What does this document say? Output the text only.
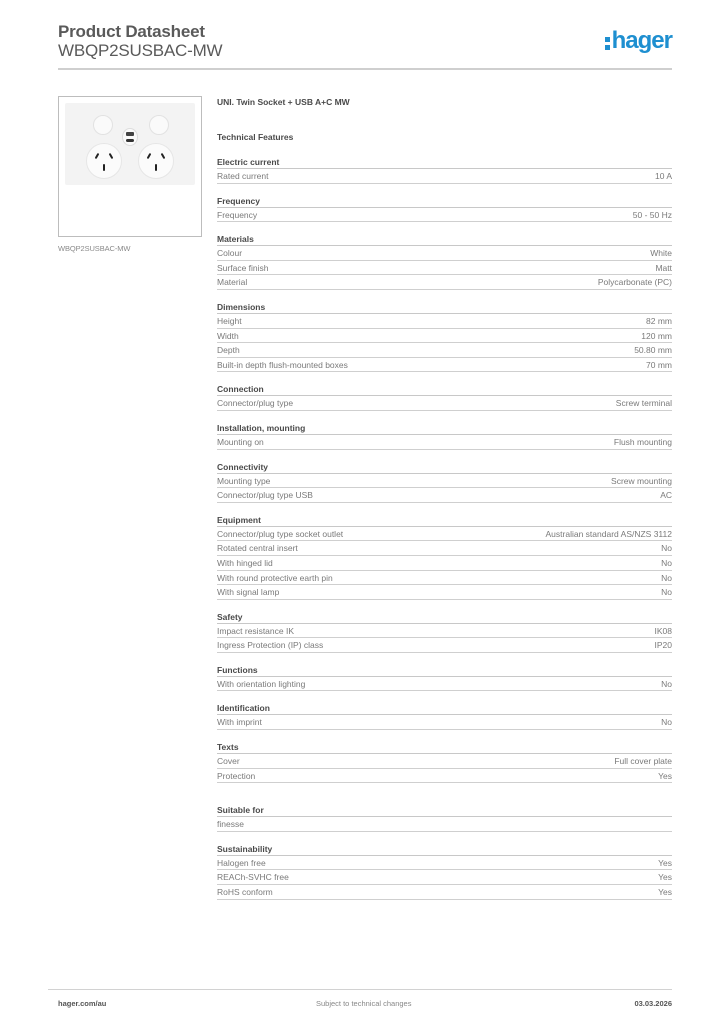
Product Datasheet
WBQP2SUSBAC-MW	hager
WBQP2SUSBAC-MW
UNI. Twin Socket + USB A+C MW
Technical Features
Electric current
Rated current	10 A
Frequency
Frequency	50 - 50 Hz
Materials
Colour	White
Surface finish	Matt
Material	Polycarbonate (PC)
Dimensions
Height	82 mm
Width	120 mm
Depth	50.80 mm
Built-in depth flush-mounted boxes	70 mm
Connection
Connector/plug type	Screw terminal
Installation, mounting
Mounting on	Flush mounting
Connectivity
Mounting type	Screw mounting
Connector/plug type USB	AC
Equipment
Connector/plug type socket outlet	Australian standard AS/NZS 3112
Rotated central insert	No
With hinged lid	No
With round protective earth pin	No
With signal lamp	No
Safety
Impact resistance IK	IK08
Ingress Protection (IP) class	IP20
Functions
With orientation lighting	No
Identification
With imprint	No
Texts
Cover	Full cover plate
Protection	Yes
Suitable for
finesse
Sustainability
Halogen free	Yes
REACh-SVHC free	Yes
RoHS conform	Yes
hager.com/au	Subject to technical changes	03.03.2026
